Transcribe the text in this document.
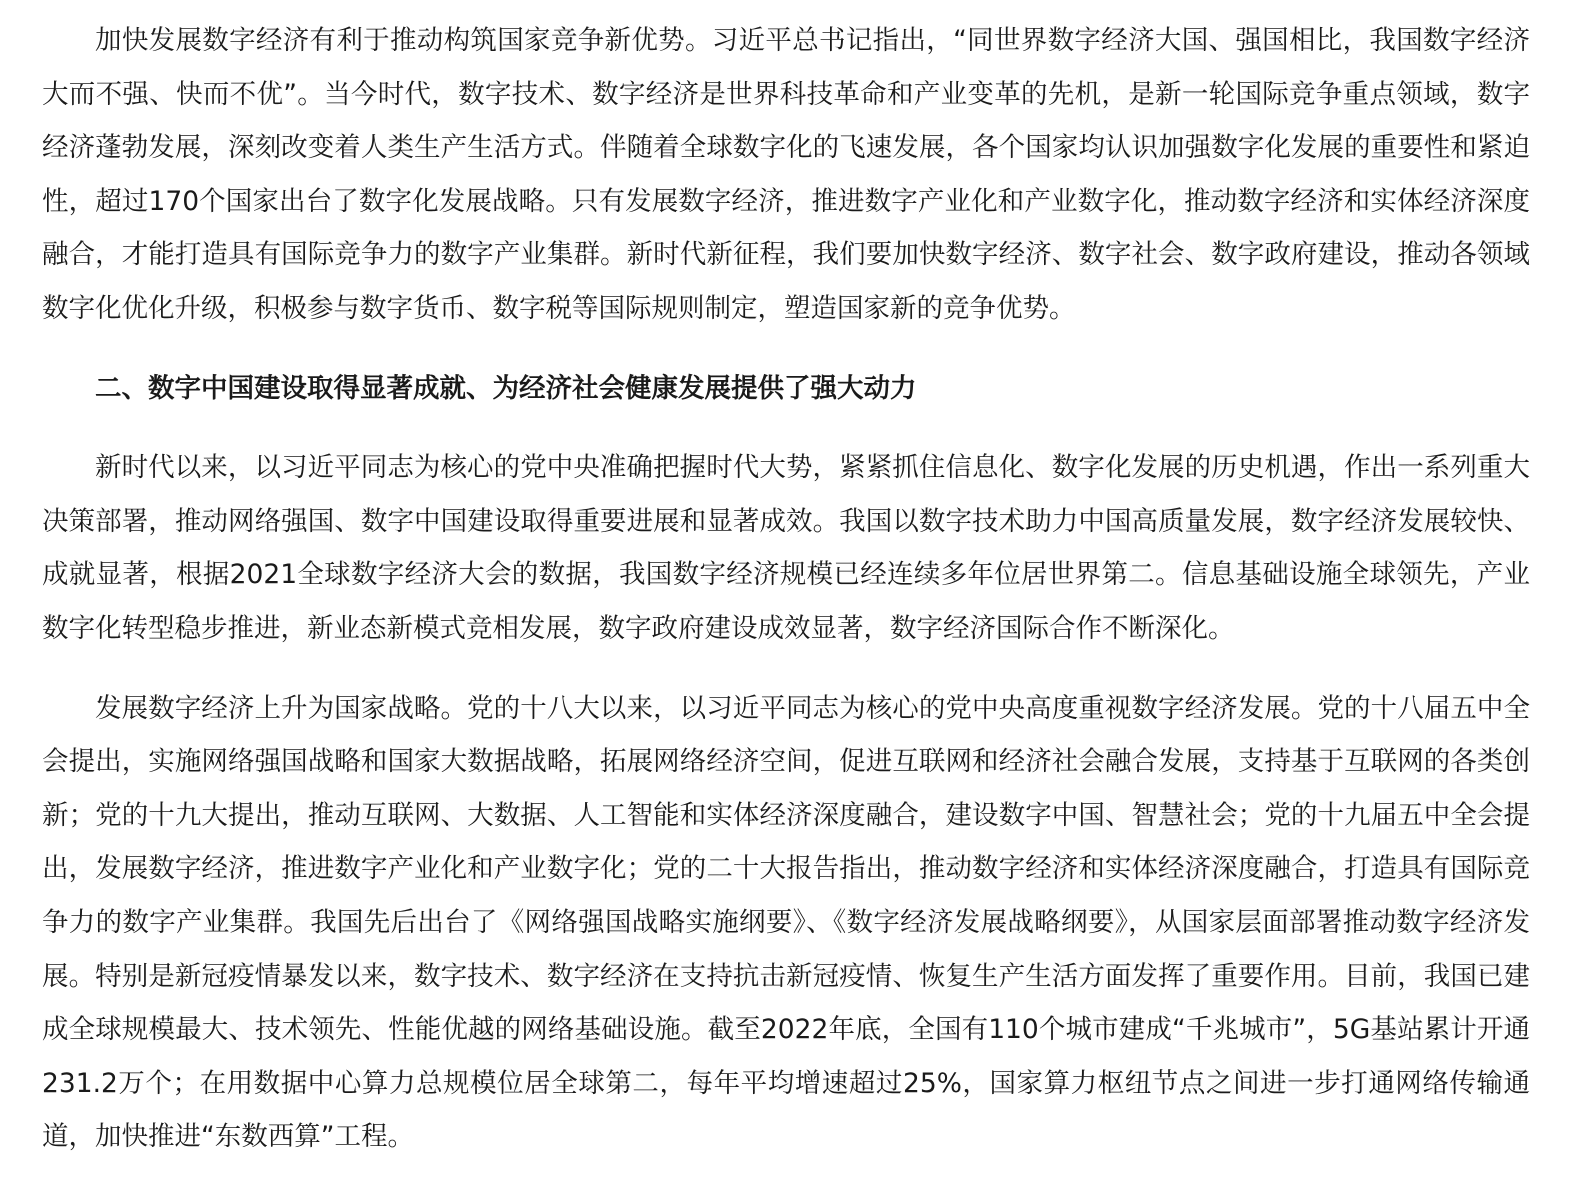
加快发展数字经济有利于推动构筑国家竞争新优势。习近平总书记指出，“同世界数字经济大国、强国相比，我国数字经济大而不强、快而不优”。当今时代，数字技术、数字经济是世界科技革命和产业变革的先机，是新一轮国际竞争重点领域，数字经济蓬勃发展，深刻改变着人类生产生活方式。伴随着全球数字化的飞速发展，各个国家均认识加强数字化发展的重要性和紧迫性，超过170个国家出台了数字化发展战略。只有发展数字经济，推进数字产业化和产业数字化，推动数字经济和实体经济深度融合，才能打造具有国际竞争力的数字产业集群。新时代新征程，我们要加快数字经济、数字社会、数字政府建设，推动各领域数字化优化升级，积极参与数字货币、数字税等国际规则制定，塑造国家新的竞争优势。

二、数字中国建设取得显著成就、为经济社会健康发展提供了强大动力

新时代以来，以习近平同志为核心的党中央准确把握时代大势，紧紧抓住信息化、数字化发展的历史机遇，作出一系列重大决策部署，推动网络强国、数字中国建设取得重要进展和显著成效。我国以数字技术助力中国高质量发展，数字经济发展较快、成就显著，根据2021全球数字经济大会的数据，我国数字经济规模已经连续多年位居世界第二。信息基础设施全球领先，产业数字化转型稳步推进，新业态新模式竞相发展，数字政府建设成效显著，数字经济国际合作不断深化。

发展数字经济上升为国家战略。党的十八大以来，以习近平同志为核心的党中央高度重视数字经济发展。党的十八届五中全会提出，实施网络强国战略和国家大数据战略，拓展网络经济空间，促进互联网和经济社会融合发展，支持基于互联网的各类创新；党的十九大提出，推动互联网、大数据、人工智能和实体经济深度融合，建设数字中国、智慧社会；党的十九届五中全会提出，发展数字经济，推进数字产业化和产业数字化；党的二十大报告指出，推动数字经济和实体经济深度融合，打造具有国际竞争力的数字产业集群。我国先后出台了《网络强国战略实施纲要》、《数字经济发展战略纲要》，从国家层面部署推动数字经济发展。特别是新冠疫情暴发以来，数字技术、数字经济在支持抗击新冠疫情、恢复生产生活方面发挥了重要作用。目前，我国已建成全球规模最大、技术领先、性能优越的网络基础设施。截至2022年底，全国有110个城市建成“千兆城市”，5G基站累计开通231.2万个；在用数据中心算力总规模位居全球第二，每年平均增速超过25%，国家算力枢纽节点之间进一步打通网络传输通道，加快推进“东数西算”工程。
